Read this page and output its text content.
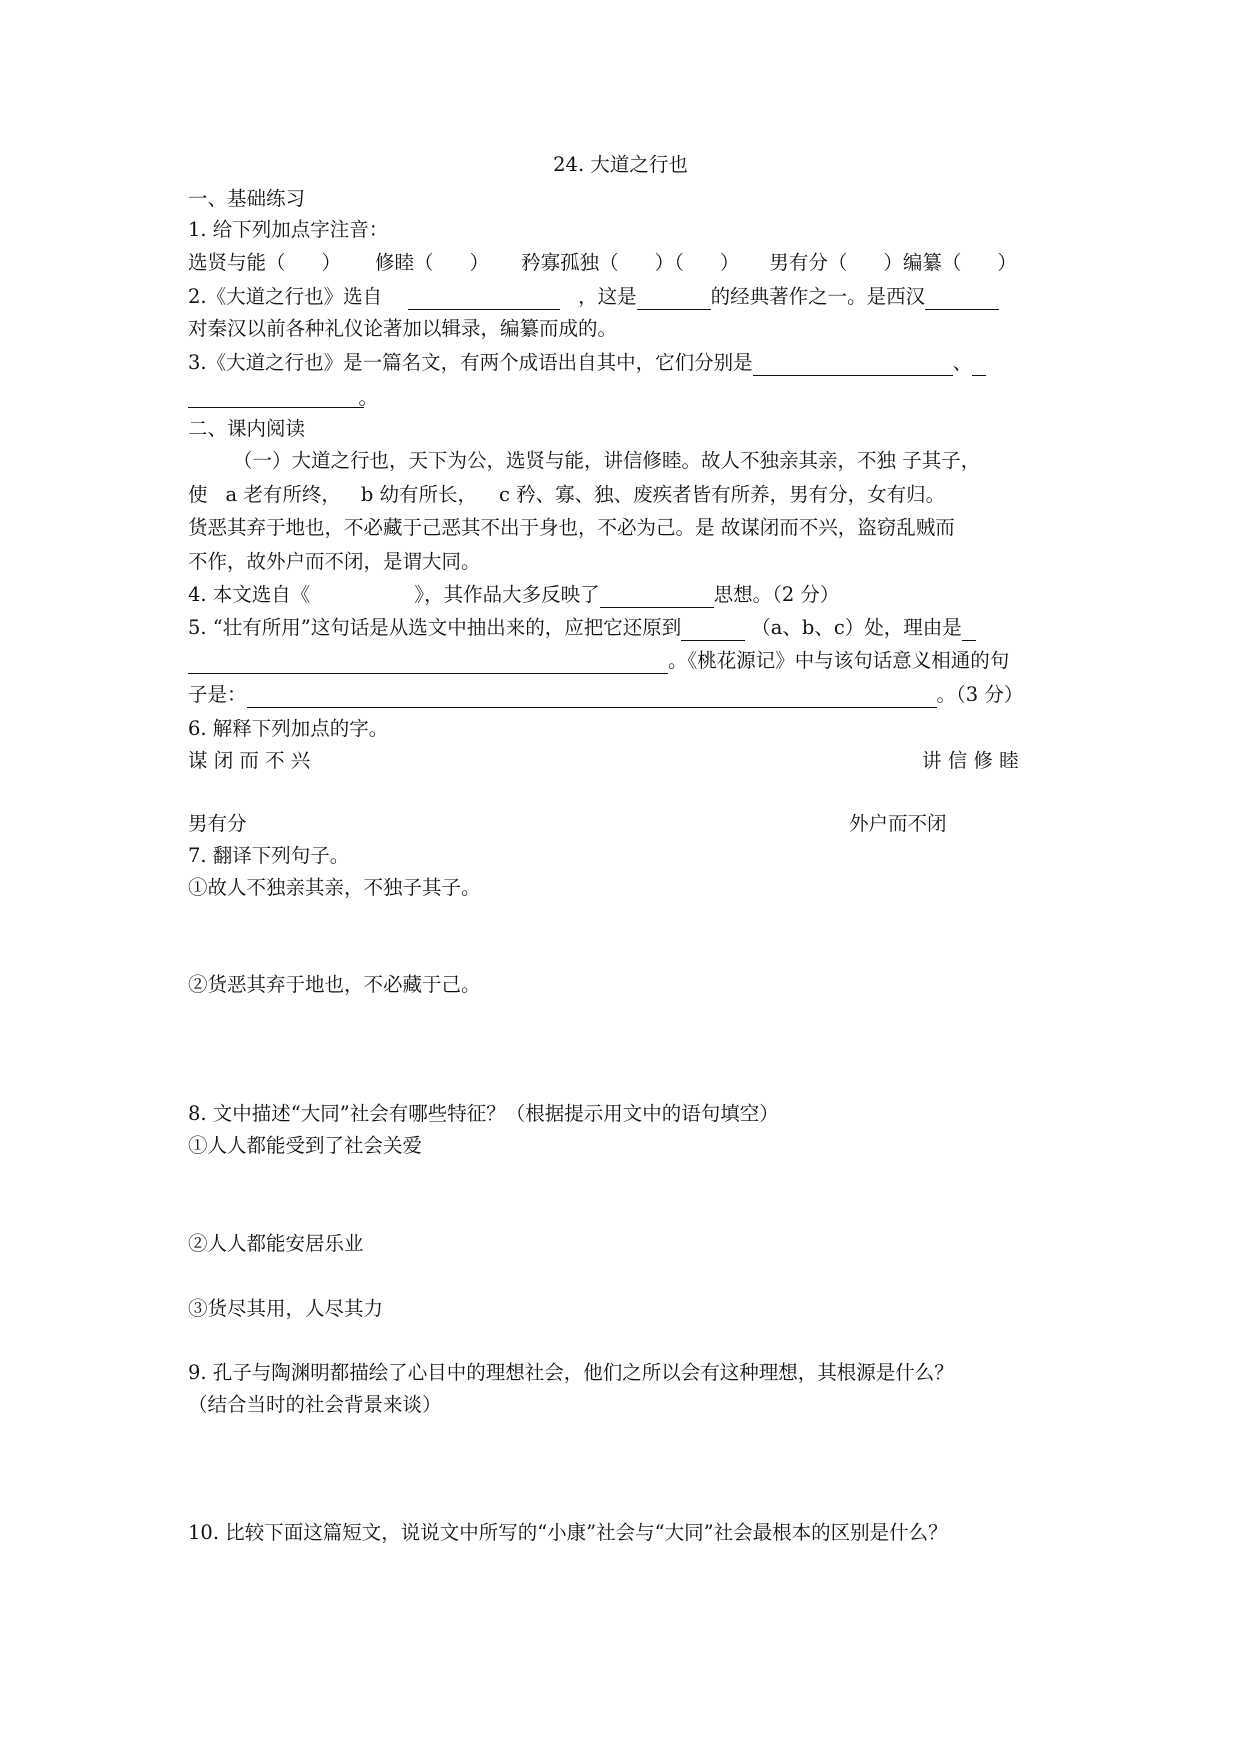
24. 大道之行也
一、基础练习
1. 给下列加点字注音：
选贤与能（ ） 修睦（ ） 矜寡孤独（ ）（ ） 男有分（ ）编纂（ ）
2.《大道之行也》选自	，这是	的经典著作之一。是西汉
对秦汉以前各种礼仪论著加以辑录，编纂而成的。
3.《大道之行也》是一篇名文，有两个成语出自其中，它们分别是	、
。
二、课内阅读
（一）大道之行也，天下为公，选贤与能，讲信修睦。故人不独亲其亲，不独 子其子，
使 a 老有所终， b 幼有所长， c 矜、寡、独、废疾者皆有所养，男有分，女有归。
货恶其弃于地也，不必藏于己恶其不出于身也，不必为己。是 故谋闭而不兴，盗窃乱贼而
不作，故外户而不闭，是谓大同。
4. 本文选自《	》，其作品大多反映了	思想。（2 分）
5. “壮有所用”这句话是从选文中抽出来的，应把它还原到	（a、b、c）处，理由是
。《桃花源记》中与该句话意义相通的句
子是：	。（3 分）
6. 解释下列加点的字。
谋 闭 而 不 兴	讲 信 修 睦
男有分	外户而不闭
7. 翻译下列句子。
①故人不独亲其亲，不独子其子。
②货恶其弃于地也，不必藏于己。
8. 文中描述“大同”社会有哪些特征？（根据提示用文中的语句填空）
①人人都能受到了社会关爱
②人人都能安居乐业
③货尽其用，人尽其力
9. 孔子与陶渊明都描绘了心目中的理想社会，他们之所以会有这种理想，其根源是什么？
（结合当时的社会背景来谈）
10. 比较下面这篇短文，说说文中所写的“小康”社会与“大同”社会最根本的区别是什么？
